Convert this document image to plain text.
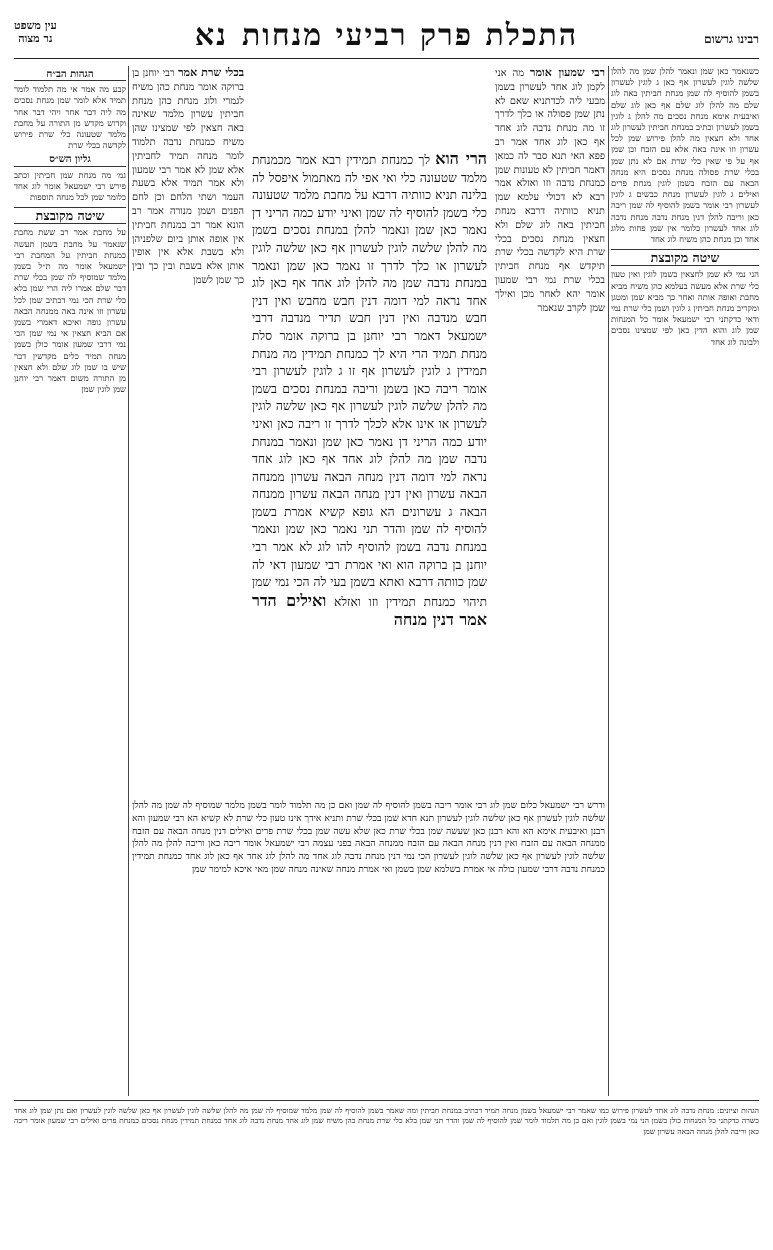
רבינו גרשום
התכלת פרק רביעי מנחותנא
עין משפט
נר מצוה
כשנאמר כאן שמן ונאמר להלן שמן מה להלן שלשה לוגין לעשרון אף כאן ג לוגין לעשרון בשמן להוסיף לה שמן מנחת חביתין באה לוג שלם מה להלן לוג שלם אף כאן לוג שלם ואיבעית אימא מנחת נסכים מה להלן ג לוגין בשמן לעשרון וכתיב במנחת חביתין לעשרון לוג אחד ולא חצאין מה להלן פירוש שמן לכל עשרון וזו אינה באה אלא עם הזבח וכן שמן אף על פי שאין כלי שרת אם לא נתן שמן בכלי שרת פסולה מנחת נסכים היא מנחה הבאה עם הזבח בשמן לוגין מנחת פרים ואילים ג לוגין לעשרון מנחת כבשים ג לוגין לעשרון רבי אומר בשמן להוסיף לה שמן ריבה כאן וריבה להלן דנין מנחת נדבה מנחת נדבה לוג אחד לעשרון כלומר אין שמן פחות מלוג אחד וכן מנחת כהן משיח לוג אחד
שיטה מקובצת
הני נמי לא שמן לחצאין בשמן לוגין ואין טעון כלי שרת אלא מעשה בעלמא כהן משיח מביא מחבת ואופה אותה ואחר כך מביא שמן ומטגן ומקריב מנחת חביתין ג לוגין ושמן כלי שרת נמי ודאי כדקתני רבי ישמעאל אומר כל המנחות שמן לוג והוא הדין כאן לפי שמצינו נסכים ולבונה לוג אחד
רבי שמעון אומר מה אני לקמן לוג אחד לעשרון בשמן מבעי ליה לכדתניא שאם לא נתן שמן פסולה או כלך לדרך זו מה מנחת נדבה לוג אחד אף כאן לוג אחד אמר רב פפא האי תנא סבר לה כמאן דאמר חביתין לא טעונות שמן כמנחת נדבה וזו ואזלא אמר רבא לא דכולי עלמא שמן תניא כוותיה דרבא מנחת חביתין באה לוג שלם ולא חצאין מנחת נסכים בכלי שרת היא לקדשה בכלי שרת תיקדש אף מנחת חביתין בכלי שרת נמי רבי שמעון אומר יהא לאחר מכן ואילך שמן לקרב שנאמר
הרי הוא לך כמנחת תמידין רבא אמר מכמנחת מלמד שטעונה כלי ואי אפי לה מאתמול איפסל לה בלינה תניא כוותיה דרבא על מחבת מלמד שטעונה כלי בשמן להוסיף לה שמן ואיני יודע כמה הריני דן נאמר כאן שמן ונאמר להלן במנחת נסכים בשמן מה להלן שלשה לוגין לעשרון אף כאן שלשה לוגין לעשרון או כלך לדרך זו נאמר כאן שמן ונאמר במנחת נדבה שמן מה להלן לוג אחד אף כאן לוג אחד נראה למי דומה דנין חבש מחבש ואין דנין חבש מנדבה ואין דנין חבש תדיר מנדבה דרבי ישמעאל דאמר רבי יוחנן בן ברוקה אומר סלת מנחת תמיד הרי היא לך כמנחת תמידין מה מנחת תמידין ג לוגין לעשרון אף זו ג לוגין לעשרון רבי אומר ריבה כאן בשמן וריבה במנחת נסכים בשמן מה להלן שלשה לוגין לעשרון אף כאן שלשה לוגין לעשרון או אינו אלא לכלך לדרך זו ריבה כאן ואיני יודע כמה הריני דן נאמר כאן שמן ונאמר במנחת נדבה שמן מה להלן לוג אחד אף כאן לוג אחד נראה למי דומה דנין מנחה הבאה עשרון ממנחה הבאה עשרון ואין דנין מנחה הבאה עשרון ממנחה הבאה ג עשרונים הא גופא קשיא אמרת בשמן להוסיף לה שמן והדר תני נאמר כאן שמן ונאמר במנחת נדבה בשמן להוסיף להו לוג לא אמר רבי יוחנן בן ברוקה הוא ואי אמרת רבי שמעון דאי לה שמן כוותה דרבא ואתא בשמן בעי לה הכי נמי שמן תיהוי כמנחת תמידין וזו ואזלא ואילים הדר אמר דנין מנחה
בכלי שרת אמר רבי יוחנן בן ברוקה אומר מנחת כהן משיח לגמרי ולוג מנחת כהן מנחת חביתין עשרון מלמד שאינה באה חצאין לפי שמצינו שהן משיח כמנחת נדבה תלמוד לומר מנחה תמיד לחביתין אלא שמן לא אמר רבי שמעון ולא אמר תמיד אלא בשעת העמר ושתי הלחם וכן לחם הפנים ושמן מנורה אמר רב הונא אמר רב במנחת חביתין אין אופה אותן ביום שלפניהן ולא בשבת אלא אין אופין אותן אלא בשבת ובין כך ובין כך שמן לשמן
ודרש רבי ישמעאל כלום שמן לוג רבי אומר ריבה בשמן להוסיף לה שמן ואם כן מה תלמוד לומר בשמן מלמד שמוסיף לה שמן מה להלן שלשה לוגין לעשרון אף כאן שלשה לוגין לעשרון תנא חדא שמן בכלי שרת ותניא אידך אינו טעון כלי שרת לא קשיא הא רבי שמעון והא רבנן ואיבעית אימא הא והא רבנן כאן שעשה שמן בכלי שרת כאן שלא עשה שמן בכלי שרת פרים ואילים דנין מנחה הבאה עם הזבח ממנחה הבאה עם הזבח ואין דנין מנחה הבאה עם הזבח ממנחה הבאה בפני עצמה רבי ישמעאל אומר ריבה כאן וריבה להלן מה להלן שלשה לוגין לעשרון אף כאן שלשה לוגין לעשרון הכי נמי דנין מנחת נדבה לוג אחד מה להלן לוג אחד אף כאן לוג אחד כמנחת תמידין כמנחת נדבה דרבי שמעון כולה אי אמרת בשלמא שמן בשמן ואי אמרת מנחה שאינה מנחה שמן מאי איכא למימר שמן
הגהות הב״ח
קבע מה אמר אי מה תלמוד לומר תמיד אלא לומר שמן מנחת נסכים מה ליה דבר אחר ויהי דבר אחר וקדוש מקדש מן התורה על מחבת מלמד שטעונה כלי שרת פירוש לקדשה בכלי שרת
גליון הש״ס
גמ׳ מה מנחת שמן חביתין וכתב פירש רבי ישמעאל אומר לוג אחד כלומר שמן לכל מנחה תוספות
שיטה מקובצת
על מחבת אמר רב ששת מחבת שנאמר על מחבת בשמן תעשה כמנחת חביתין על המחבת רבי ישמעאל אומר מה ת״ל בשמן מלמד שמוסיף לה שמן בכלי שרת דבר שלם אמרו ליה הרי שמן בלא כלי שרת הכי נמי דכתיב שמן לכל עשרון וזו אינה באה ממנחה הבאה עשרון גופה ואיכא דאמרי בשמן אם הביא חצאין אי נמי שמן הכי נמי דרבי שמעון אומר כולן בשמן מנחה תמיד כלים מקדשין דבר שיש בו שמן לוג שלם ולא חצאין מן התורה משום דאמר רבי יוחנן שמן לוגין שמן
הגהות וציונים: מנחת נדבה לוג אחד לעשרון פירוש כמו שאמר רבי ישמעאל בשמן מנחה תמיד דכתיב במנחת חביתין ומה שאמר בשמן להוסיף לה שמן מלמד שמוסיף לה שמן מה להלן שלשה לוגין לעשרון אף כאן שלשה לוגין לעשרון ואם נתן שמן לוג אחד כשרה כדקתני כל המנחות כולן בשמן הני נמי בשמן לוגין ואם כן מה תלמוד לומר שמן להוסיף לה שמן והדר תני שמן בלא כלי שרת מנחת כהן משיח שמן לוג אחד מנחת נדבה לוג אחד כמנחת תמידין מנחת נסכים כמנחת פרים ואילים רבי שמעון אומר ריבה כאן וריבה להלן מנחה הבאה עשרון שמן
